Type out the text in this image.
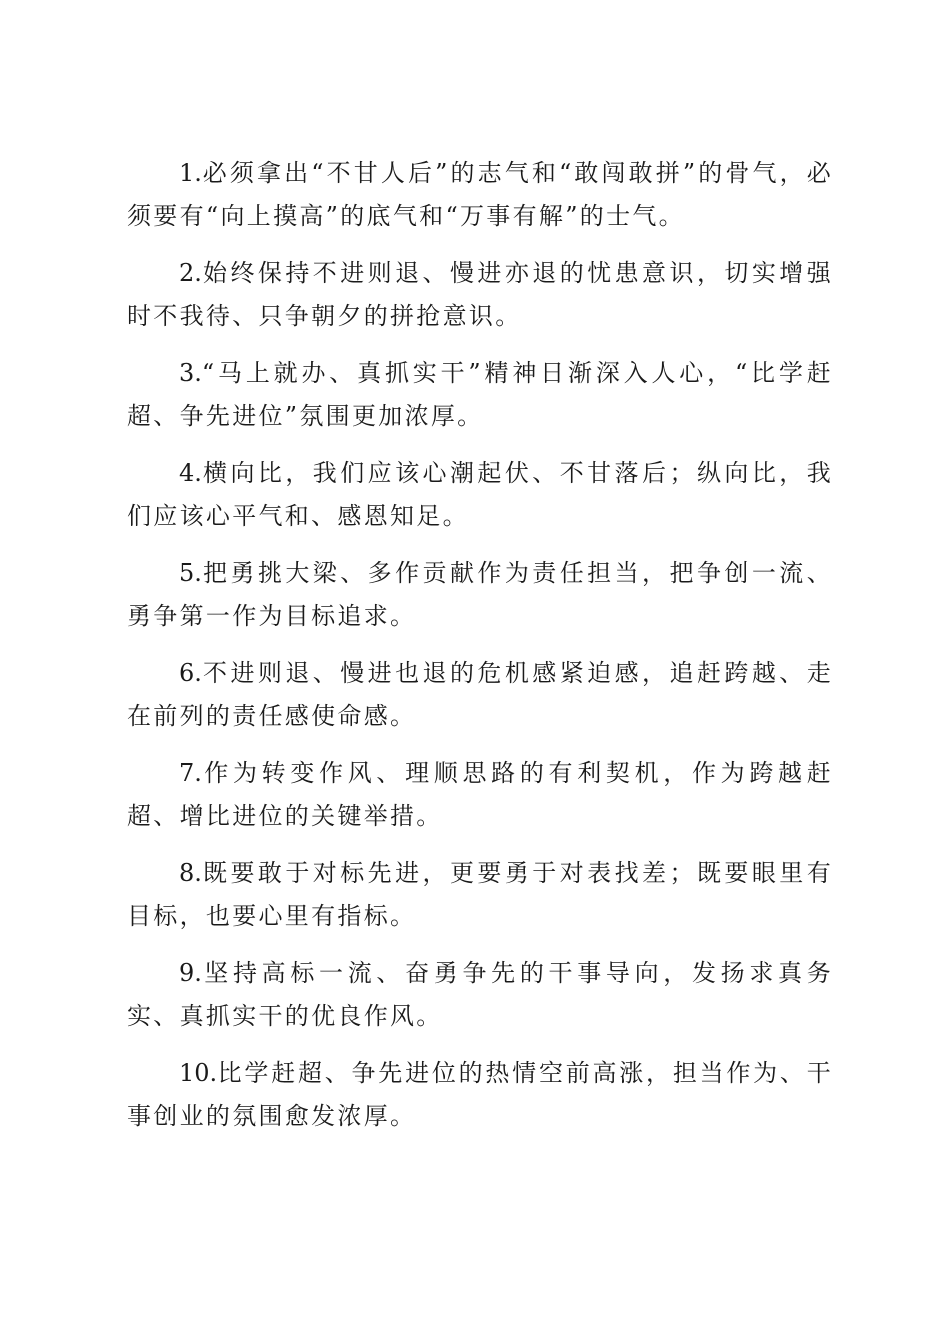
1.必须拿出“不甘人后”的志气和“敢闯敢拼”的骨气，必须要有“向上摸高”的底气和“万事有解”的士气。

2.始终保持不进则退、慢进亦退的忧患意识，切实增强时不我待、只争朝夕的拼抢意识。

3.“马上就办、真抓实干”精神日渐深入人心，“比学赶超、争先进位”氛围更加浓厚。

4.横向比，我们应该心潮起伏、不甘落后；纵向比，我们应该心平气和、感恩知足。

5.把勇挑大梁、多作贡献作为责任担当，把争创一流、勇争第一作为目标追求。

6.不进则退、慢进也退的危机感紧迫感，追赶跨越、走在前列的责任感使命感。

7.作为转变作风、理顺思路的有利契机，作为跨越赶超、增比进位的关键举措。

8.既要敢于对标先进，更要勇于对表找差；既要眼里有目标，也要心里有指标。

9.坚持高标一流、奋勇争先的干事导向，发扬求真务实、真抓实干的优良作风。

10.比学赶超、争先进位的热情空前高涨，担当作为、干事创业的氛围愈发浓厚。
